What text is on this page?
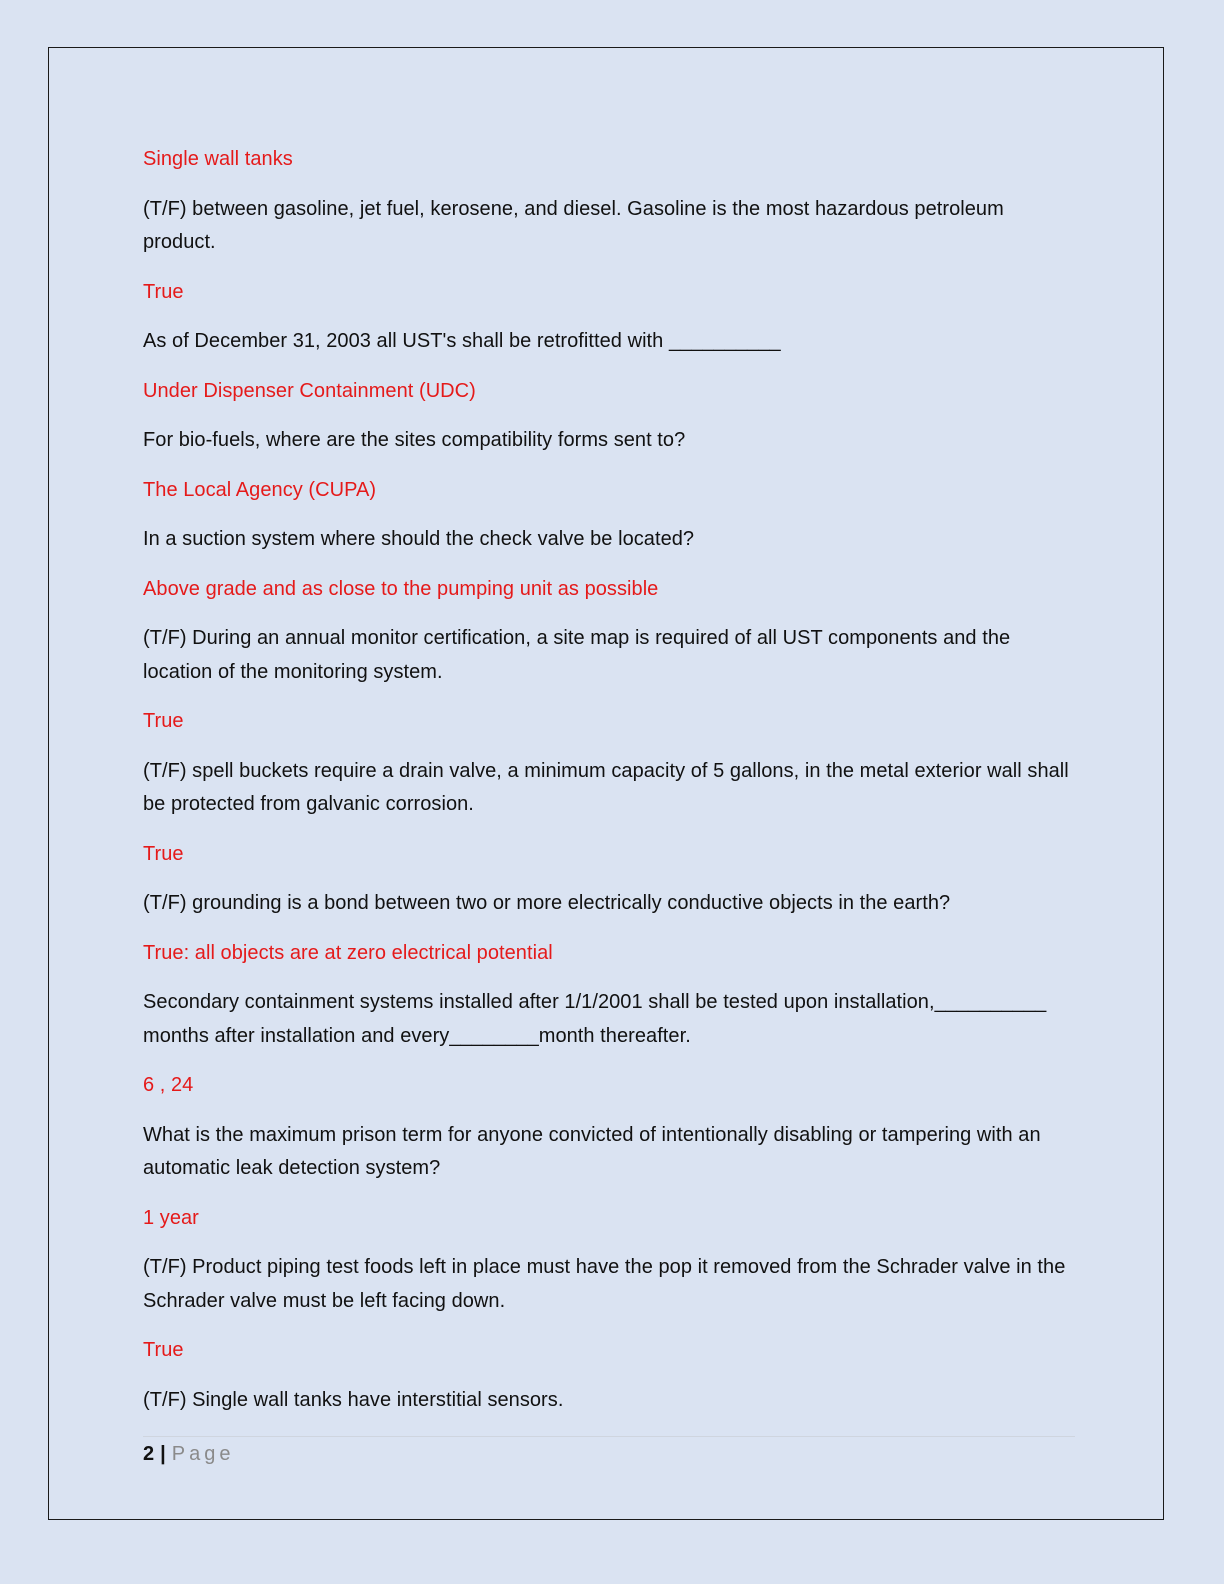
Single wall tanks

(T/F) between gasoline, jet fuel, kerosene, and diesel. Gasoline is the most hazardous petroleum product.

True

As of December 31, 2003 all UST's shall be retrofitted with __________

Under Dispenser Containment (UDC)

For bio-fuels, where are the sites compatibility forms sent to?

The Local Agency (CUPA)

In a suction system where should the check valve be located?

Above grade and as close to the pumping unit as possible

(T/F) During an annual monitor certification, a site map is required of all UST components and the location of the monitoring system.

True

(T/F) spell buckets require a drain valve, a minimum capacity of 5 gallons, in the metal exterior wall shall be protected from galvanic corrosion.

True

(T/F) grounding is a bond between two or more electrically conductive objects in the earth?

True: all objects are at zero electrical potential

Secondary containment systems installed after 1/1/2001 shall be tested upon installation,__________ months after installation and every________month thereafter.

6 , 24

What is the maximum prison term for anyone convicted of intentionally disabling or tampering with an automatic leak detection system?

1 year

(T/F) Product piping test foods left in place must have the pop it removed from the Schrader valve in the Schrader valve must be left facing down.

True

(T/F) Single wall tanks have interstitial sensors.

2 | Page
